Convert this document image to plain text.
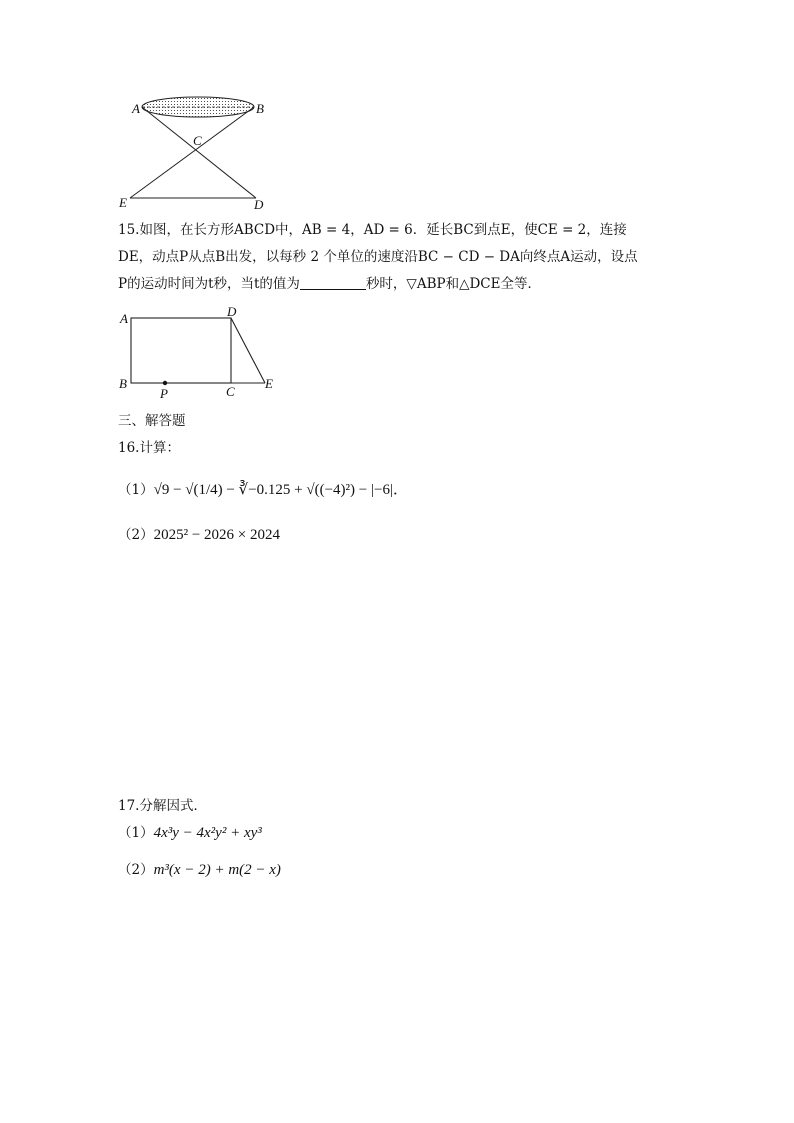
A	B
C
E	D
15.如图，在长方形ABCD中，AB = 4，AD = 6．延长BC到点E，使CE = 2，连接
DE，动点P从点B出发，以每秒 2 个单位的速度沿BC − CD − DA向终点A运动，设点
P的运动时间为t秒，当t的值为	秒时，▽ABP和△DCE全等．
A	D
B
C
E
P
三、解答题
16.计算：
（1）√9 − √(1/4) − ∛−0.125 + √((−4)²) − |−6|．
（2）2025² − 2026 × 2024
17.分解因式．
（1）4x³y − 4x²y² + xy³
（2）m³(x − 2) + m(2 − x)
